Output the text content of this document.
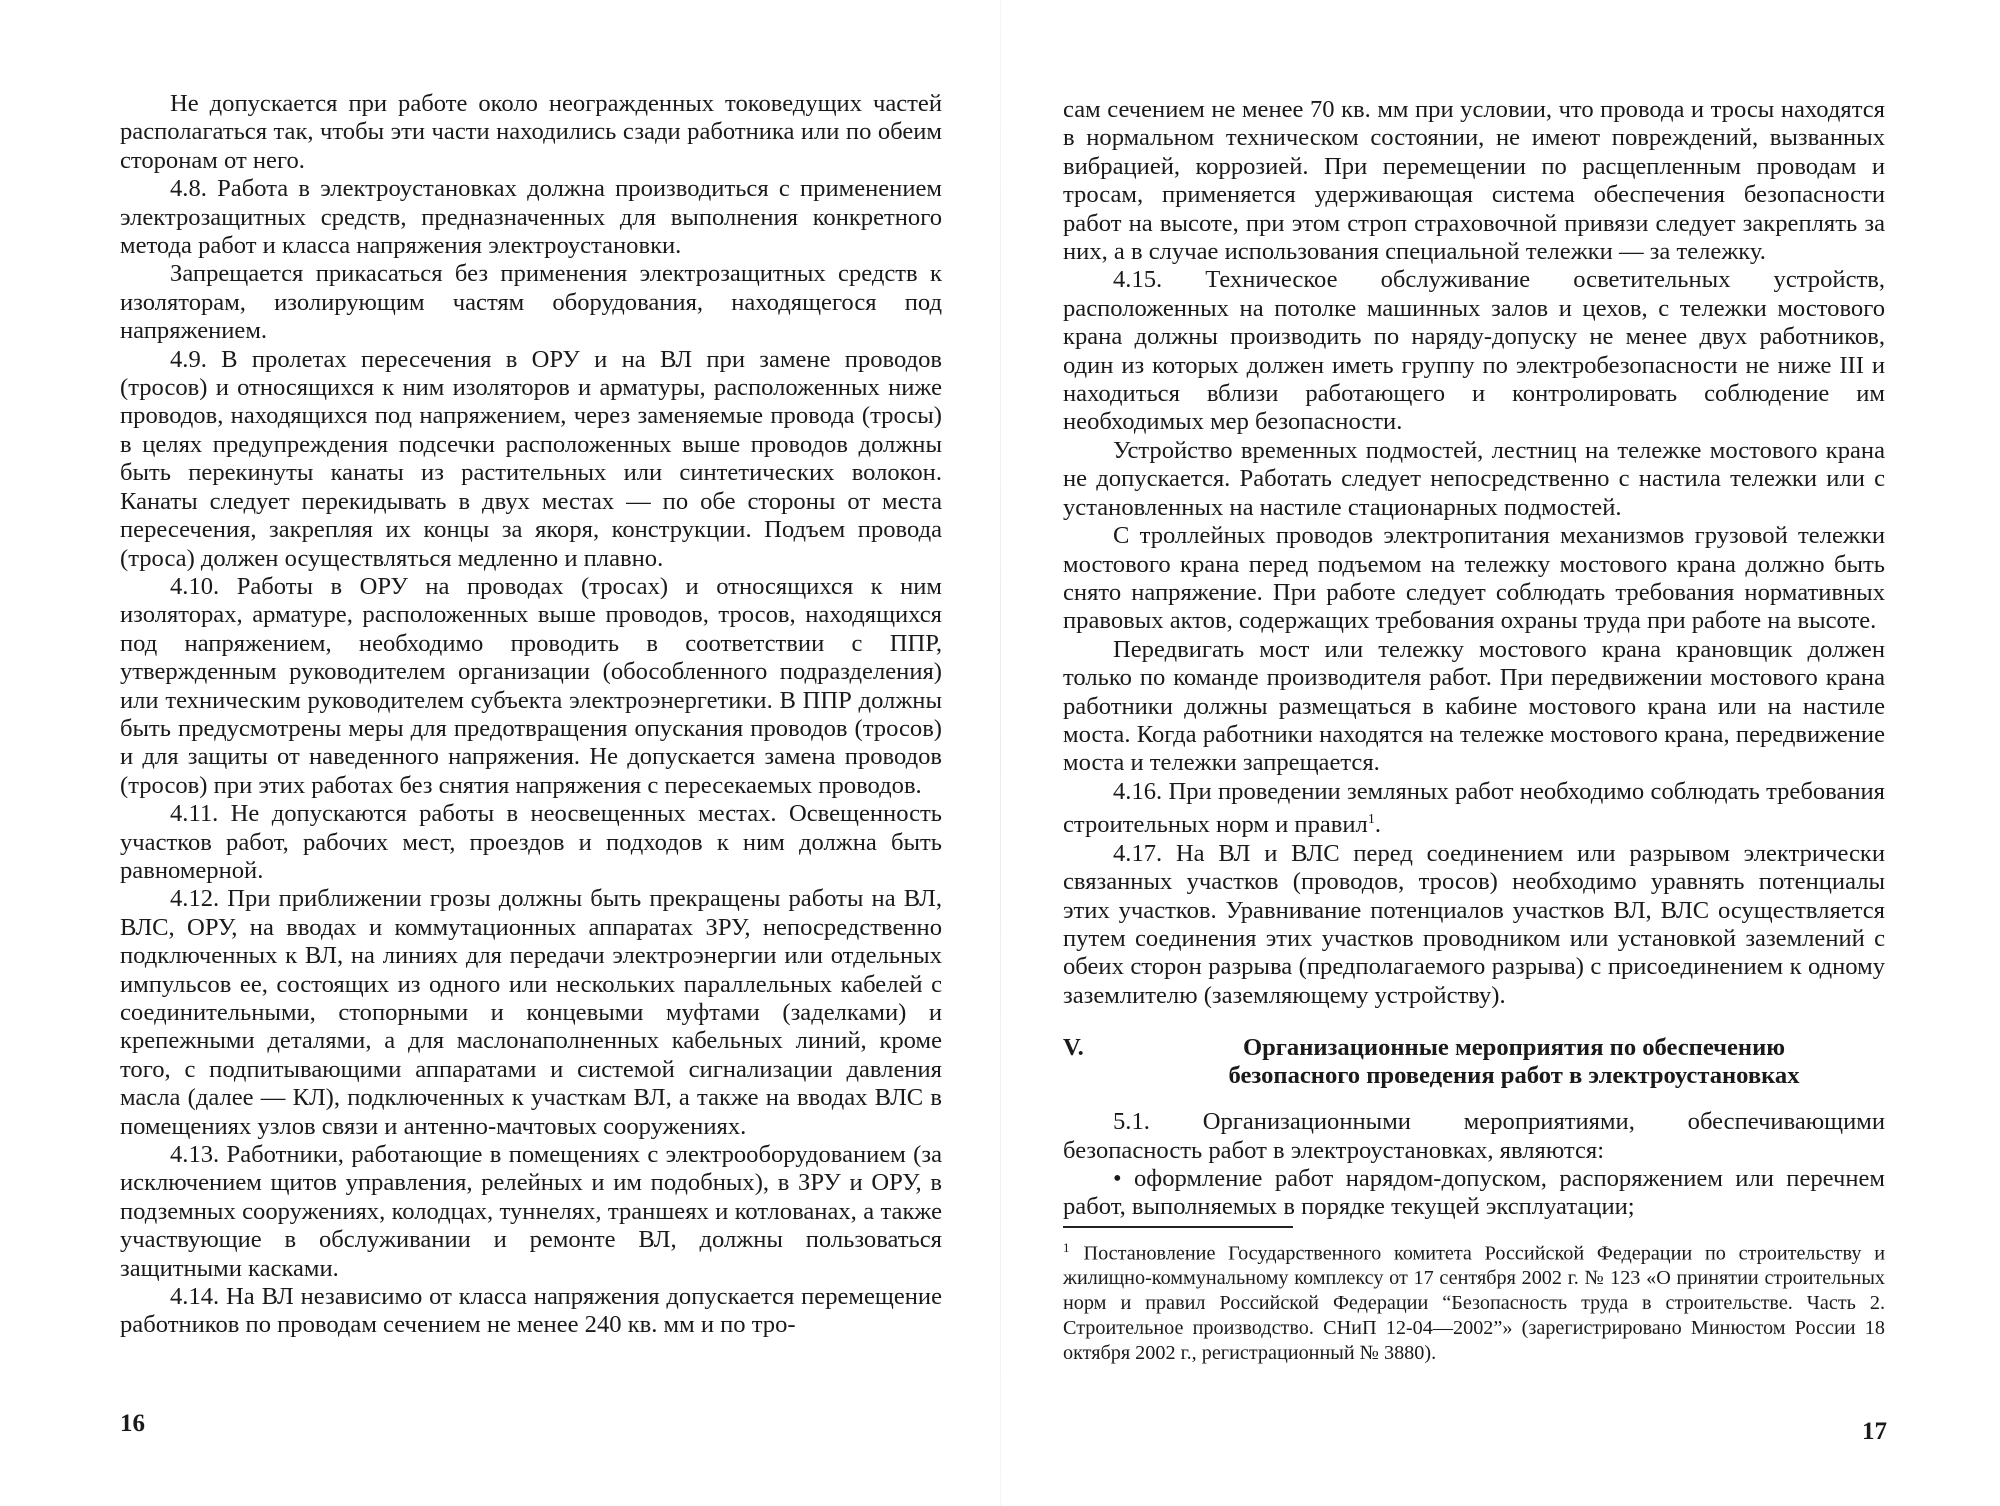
Не допускается при работе около неогражденных токоведущих частей располагаться так, чтобы эти части находились сзади работника или по обеим сторонам от него.

4.8. Работа в электроустановках должна производиться с применением электрозащитных средств, предназначенных для выполнения конкретного метода работ и класса напряжения электроустановки.

Запрещается прикасаться без применения электрозащитных средств к изоляторам, изолирующим частям оборудования, находящегося под напряжением.

4.9. В пролетах пересечения в ОРУ и на ВЛ при замене проводов (тросов) и относящихся к ним изоляторов и арматуры, расположенных ниже проводов, находящихся под напряжением, через заменяемые провода (тросы) в целях предупреждения подсечки расположенных выше проводов должны быть перекинуты канаты из растительных или синтетических волокон. Канаты следует перекидывать в двух местах — по обе стороны от места пересечения, закрепляя их концы за якоря, конструкции. Подъем провода (троса) должен осуществляться медленно и плавно.

4.10. Работы в ОРУ на проводах (тросах) и относящихся к ним изоляторах, арматуре, расположенных выше проводов, тросов, находящихся под напряжением, необходимо проводить в соответствии с ППР, утвержденным руководителем организации (обособленного подразделения) или техническим руководителем субъекта электроэнергетики. В ППР должны быть предусмотрены меры для предотвращения опускания проводов (тросов) и для защиты от наведенного напряжения. Не допускается замена проводов (тросов) при этих работах без снятия напряжения с пересекаемых проводов.

4.11. Не допускаются работы в неосвещенных местах. Освещенность участков работ, рабочих мест, проездов и подходов к ним должна быть равномерной.

4.12. При приближении грозы должны быть прекращены работы на ВЛ, ВЛС, ОРУ, на вводах и коммутационных аппаратах ЗРУ, непосредственно подключенных к ВЛ, на линиях для передачи электроэнергии или отдельных импульсов ее, состоящих из одного или нескольких параллельных кабелей с соединительными, стопорными и концевыми муфтами (заделками) и крепежными деталями, а для маслонаполненных кабельных линий, кроме того, с подпитывающими аппаратами и системой сигнализации давления масла (далее — КЛ), подключенных к участкам ВЛ, а также на вводах ВЛС в помещениях узлов связи и антенно-мачтовых сооружениях.

4.13. Работники, работающие в помещениях с электрооборудованием (за исключением щитов управления, релейных и им подобных), в ЗРУ и ОРУ, в подземных сооружениях, колодцах, туннелях, траншеях и котлованах, а также участвующие в обслуживании и ремонте ВЛ, должны пользоваться защитными касками.

4.14. На ВЛ независимо от класса напряжения допускается перемещение работников по проводам сечением не менее 240 кв. мм и по тро-

16

сам сечением не менее 70 кв. мм при условии, что провода и тросы находятся в нормальном техническом состоянии, не имеют повреждений, вызванных вибрацией, коррозией. При перемещении по расщепленным проводам и тросам, применяется удерживающая система обеспечения безопасности работ на высоте, при этом строп страховочной привязи следует закреплять за них, а в случае использования специальной тележки — за тележку.

4.15. Техническое обслуживание осветительных устройств, расположенных на потолке машинных залов и цехов, с тележки мостового крана должны производить по наряду-допуску не менее двух работников, один из которых должен иметь группу по электробезопасности не ниже III и находиться вблизи работающего и контролировать соблюдение им необходимых мер безопасности.

Устройство временных подмостей, лестниц на тележке мостового крана не допускается. Работать следует непосредственно с настила тележки или с установленных на настиле стационарных подмостей.

С троллейных проводов электропитания механизмов грузовой тележки мостового крана перед подъемом на тележку мостового крана должно быть снято напряжение. При работе следует соблюдать требования нормативных правовых актов, содержащих требования охраны труда при работе на высоте.

Передвигать мост или тележку мостового крана крановщик должен только по команде производителя работ. При передвижении мостового крана работники должны размещаться в кабине мостового крана или на настиле моста. Когда работники находятся на тележке мостового крана, передвижение моста и тележки запрещается.

4.16. При проведении земляных работ необходимо соблюдать требования строительных норм и правил$^1$.

4.17. На ВЛ и ВЛС перед соединением или разрывом электрически связанных участков (проводов, тросов) необходимо уравнять потенциалы этих участков. Уравнивание потенциалов участков ВЛ, ВЛС осуществляется путем соединения этих участков проводником или установкой заземлений с обеих сторон разрыва (предполагаемого разрыва) с присоединением к одному заземлителю (заземляющему устройству).

V.	Организационные мероприятия по обеспечению
безопасного проведения работ в электроустановках

5.1. Организационными мероприятиями, обеспечивающими безопасность работ в электроустановках, являются:

• оформление работ нарядом-допуском, распоряжением или перечнем работ, выполняемых в порядке текущей эксплуатации;

$^1$ Постановление Государственного комитета Российской Федерации по строительству и жилищно-коммунальному комплексу от 17 сентября 2002 г. № 123 «О принятии строительных норм и правил Российской Федерации “Безопасность труда в строительстве. Часть 2. Строительное производство. СНиП 12-04—2002”» (зарегистрировано Минюстом России 18 октября 2002 г., регистрационный № 3880).
17
